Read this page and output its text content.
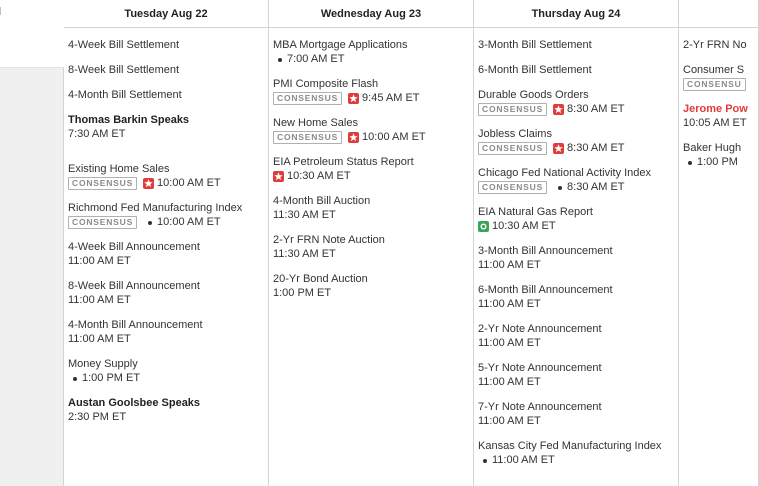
Tuesday Aug 22
4-Week Bill Settlement
8-Week Bill Settlement
4-Month Bill Settlement
Thomas Barkin Speaks
7:30 AM ET
Existing Home Sales
CONSENSUS	10:00 AM ET
Richmond Fed Manufacturing Index
CONSENSUS	10:00 AM ET
4-Week Bill Announcement
11:00 AM ET
8-Week Bill Announcement
11:00 AM ET
4-Month Bill Announcement
11:00 AM ET
Money Supply
1:00 PM ET
Austan Goolsbee Speaks
2:30 PM ET
Wednesday Aug 23
MBA Mortgage Applications
7:00 AM ET
PMI Composite Flash
CONSENSUS	9:45 AM ET
New Home Sales
CONSENSUS	10:00 AM ET
EIA Petroleum Status Report
10:30 AM ET
4-Month Bill Auction
11:30 AM ET
2-Yr FRN Note Auction
11:30 AM ET
20-Yr Bond Auction
1:00 PM ET
Thursday Aug 24
3-Month Bill Settlement
6-Month Bill Settlement
Durable Goods Orders
CONSENSUS	8:30 AM ET
Jobless Claims
CONSENSUS	8:30 AM ET
Chicago Fed National Activity Index
CONSENSUS	8:30 AM ET
EIA Natural Gas Report
10:30 AM ET
3-Month Bill Announcement
11:00 AM ET
6-Month Bill Announcement
11:00 AM ET
2-Yr Note Announcement
11:00 AM ET
5-Yr Note Announcement
11:00 AM ET
7-Yr Note Announcement
11:00 AM ET
Kansas City Fed Manufacturing Index
11:00 AM ET
2-Yr FRN No
Consumer S
CONSENSU
Jerome Pow
10:05 AM ET
Baker Hugh
1:00 PM
